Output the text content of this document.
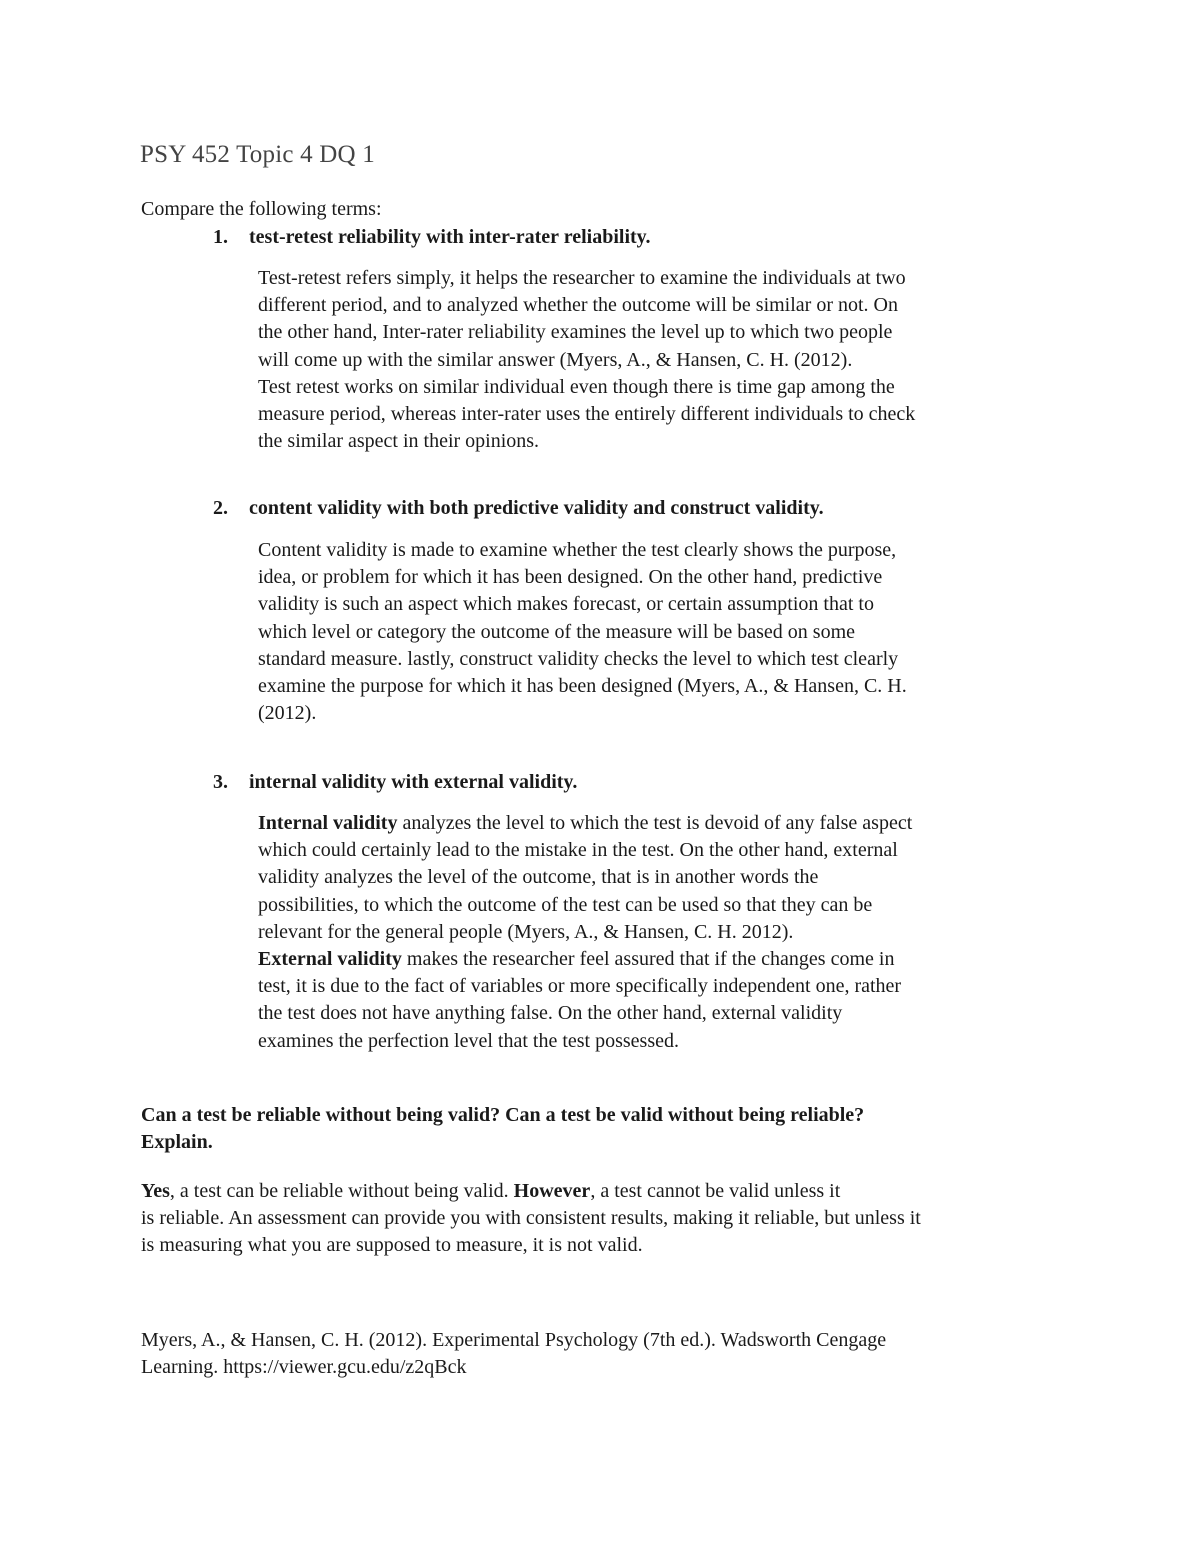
PSY 452 Topic 4 DQ 1
Compare the following terms:
1. test-retest reliability with inter-rater reliability.

Test-retest refers simply, it helps the researcher to examine the individuals at two

different period, and to analyzed whether the outcome will be similar or not. On

the other hand, Inter-rater reliability examines the level up to which two people

will come up with the similar answer (Myers, A., & Hansen, C. H. (2012).

Test retest works on similar individual even though there is time gap among the

measure period, whereas inter-rater uses the entirely different individuals to check

the similar aspect in their opinions.

2. content validity with both predictive validity and construct validity.

Content validity is made to examine whether the test clearly shows the purpose,

idea, or problem for which it has been designed. On the other hand, predictive

validity is such an aspect which makes forecast, or certain assumption that to

which level or category the outcome of the measure will be based on some

standard measure. lastly, construct validity checks the level to which test clearly

examine the purpose for which it has been designed (Myers, A., & Hansen, C. H.

(2012).

3. internal validity with external validity.

Internal validity analyzes the level to which the test is devoid of any false aspect

which could certainly lead to the mistake in the test. On the other hand, external

validity analyzes the level of the outcome, that is in another words the

possibilities, to which the outcome of the test can be used so that they can be

relevant for the general people (Myers, A., & Hansen, C. H. 2012).

External validity makes the researcher feel assured that if the changes come in

test, it is due to the fact of variables or more specifically independent one, rather

the test does not have anything false. On the other hand, external validity

examines the perfection level that the test possessed.

Can a test be reliable without being valid? Can a test be valid without being reliable?

Explain.

Yes, a test can be reliable without being valid. However, a test cannot be valid unless it

is reliable. An assessment can provide you with consistent results, making it reliable, but unless it

is measuring what you are supposed to measure, it is not valid.

Myers, A., & Hansen, C. H. (2012). Experimental Psychology (7th ed.). Wadsworth Cengage

Learning. https://viewer.gcu.edu/z2qBck
